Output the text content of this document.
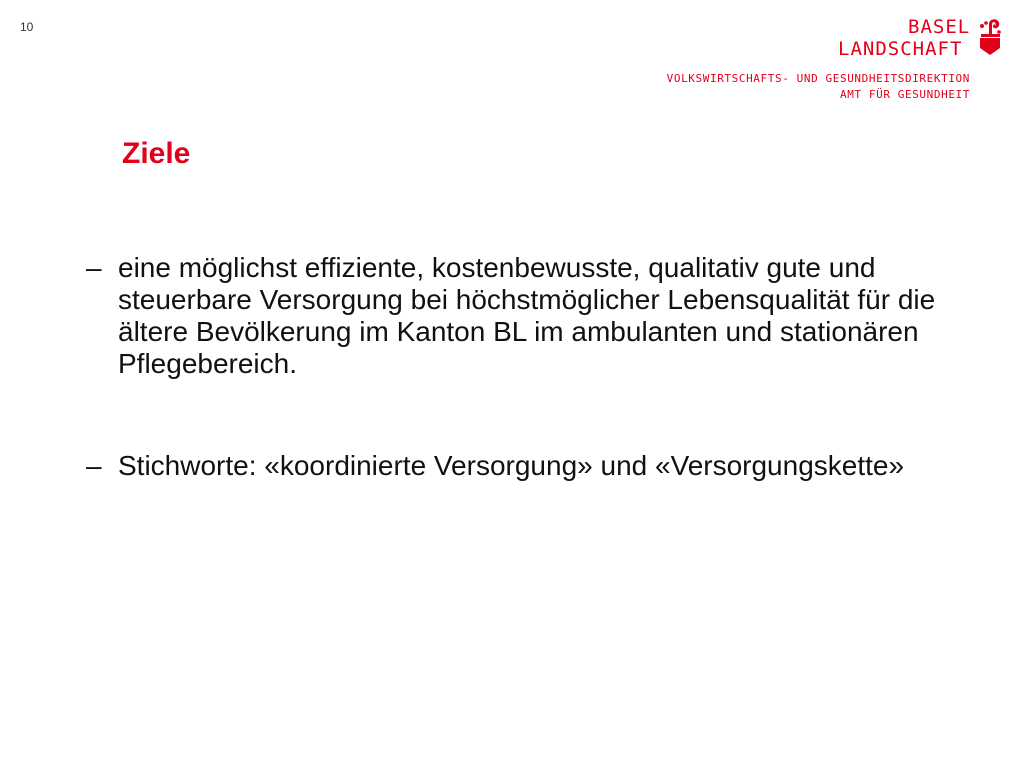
10	BASEL
LANDSCHAFT
VOLKSWIRTSCHAFTS- UND GESUNDHEITSDIREKTION
AMT FÜR GESUNDHEIT
Ziele
– eine möglichst effiziente, kostenbewusste, qualitativ gute und steuerbare Versorgung bei höchstmöglicher Lebensqualität für die ältere Bevölkerung im Kanton BL im ambulanten und stationären Pflegebereich.
– Stichworte: «koordinierte Versorgung» und «Versorgungskette»
